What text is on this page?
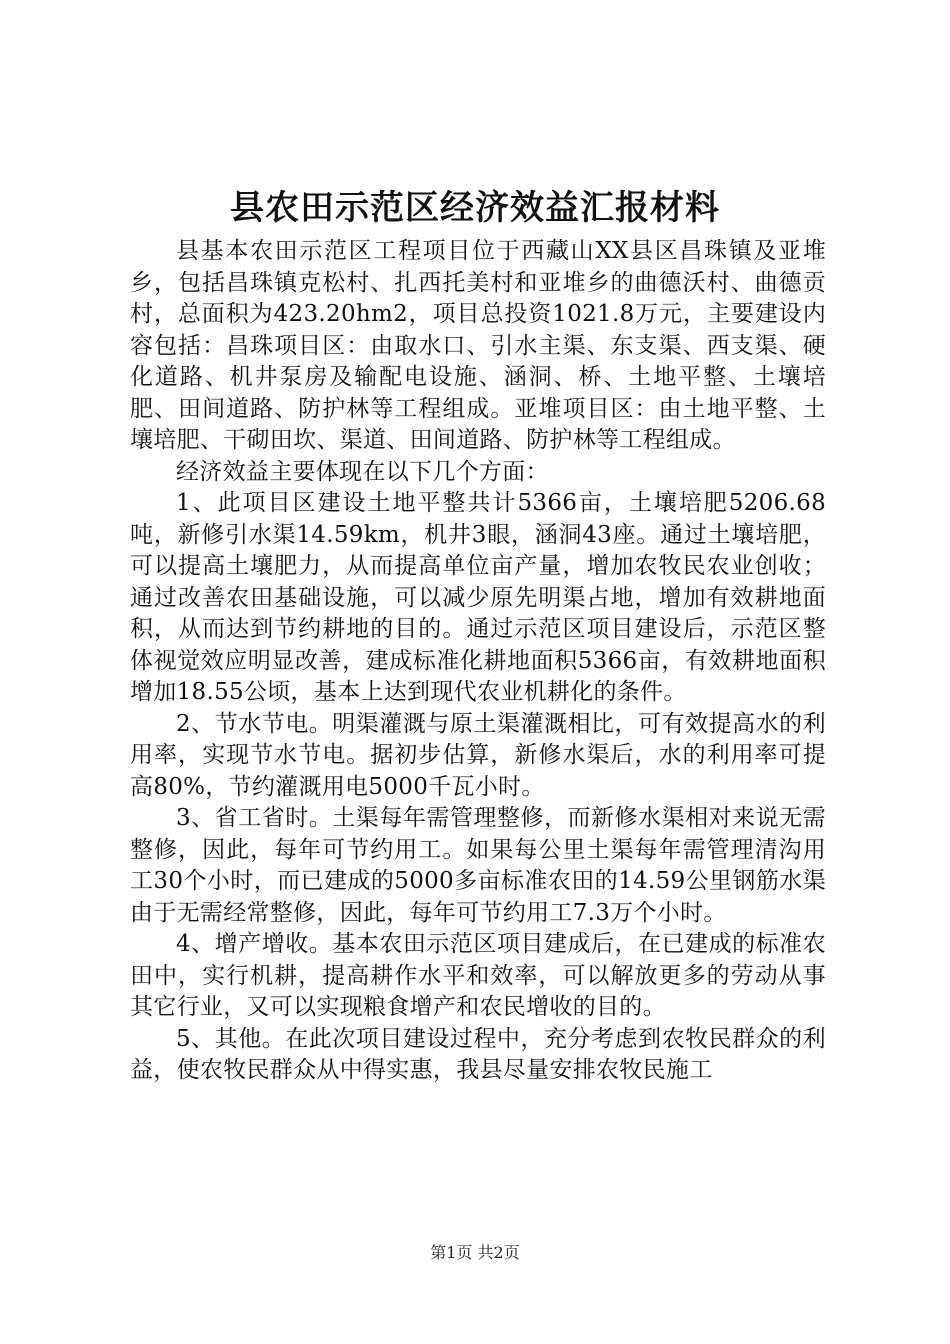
县农田示范区经济效益汇报材料

县基本农田示范区工程项目位于西藏山XX县区昌珠镇及亚堆乡，包括昌珠镇克松村、扎西托美村和亚堆乡的曲德沃村、曲德贡村，总面积为423.20hm2，项目总投资1021.8万元，主要建设内容包括：昌珠项目区：由取水口、引水主渠、东支渠、西支渠、硬化道路、机井泵房及输配电设施、涵洞、桥、土地平整、土壤培肥、田间道路、防护林等工程组成。亚堆项目区：由土地平整、土壤培肥、干砌田坎、渠道、田间道路、防护林等工程组成。

经济效益主要体现在以下几个方面：

1、此项目区建设土地平整共计5366亩，土壤培肥5206.68吨，新修引水渠14.59km，机井3眼，涵洞43座。通过土壤培肥，可以提高土壤肥力，从而提高单位亩产量，增加农牧民农业创收；通过改善农田基础设施，可以减少原先明渠占地，增加有效耕地面积，从而达到节约耕地的目的。通过示范区项目建设后，示范区整体视觉效应明显改善，建成标准化耕地面积5366亩，有效耕地面积增加18.55公顷，基本上达到现代农业机耕化的条件。

2、节水节电。明渠灌溉与原土渠灌溉相比，可有效提高水的利用率，实现节水节电。据初步估算，新修水渠后，水的利用率可提高80%，节约灌溉用电5000千瓦小时。

3、省工省时。土渠每年需管理整修，而新修水渠相对来说无需整修，因此，每年可节约用工。如果每公里土渠每年需管理清沟用工30个小时，而已建成的5000多亩标准农田的14.59公里钢筋水渠由于无需经常整修，因此，每年可节约用工7.3万个小时。

4、增产增收。基本农田示范区项目建成后，在已建成的标准农田中，实行机耕，提高耕作水平和效率，可以解放更多的劳动从事其它行业，又可以实现粮食增产和农民增收的目的。

5、其他。在此次项目建设过程中，充分考虑到农牧民群众的利益，使农牧民群众从中得实惠，我县尽量安排农牧民施工

第1页 共2页
